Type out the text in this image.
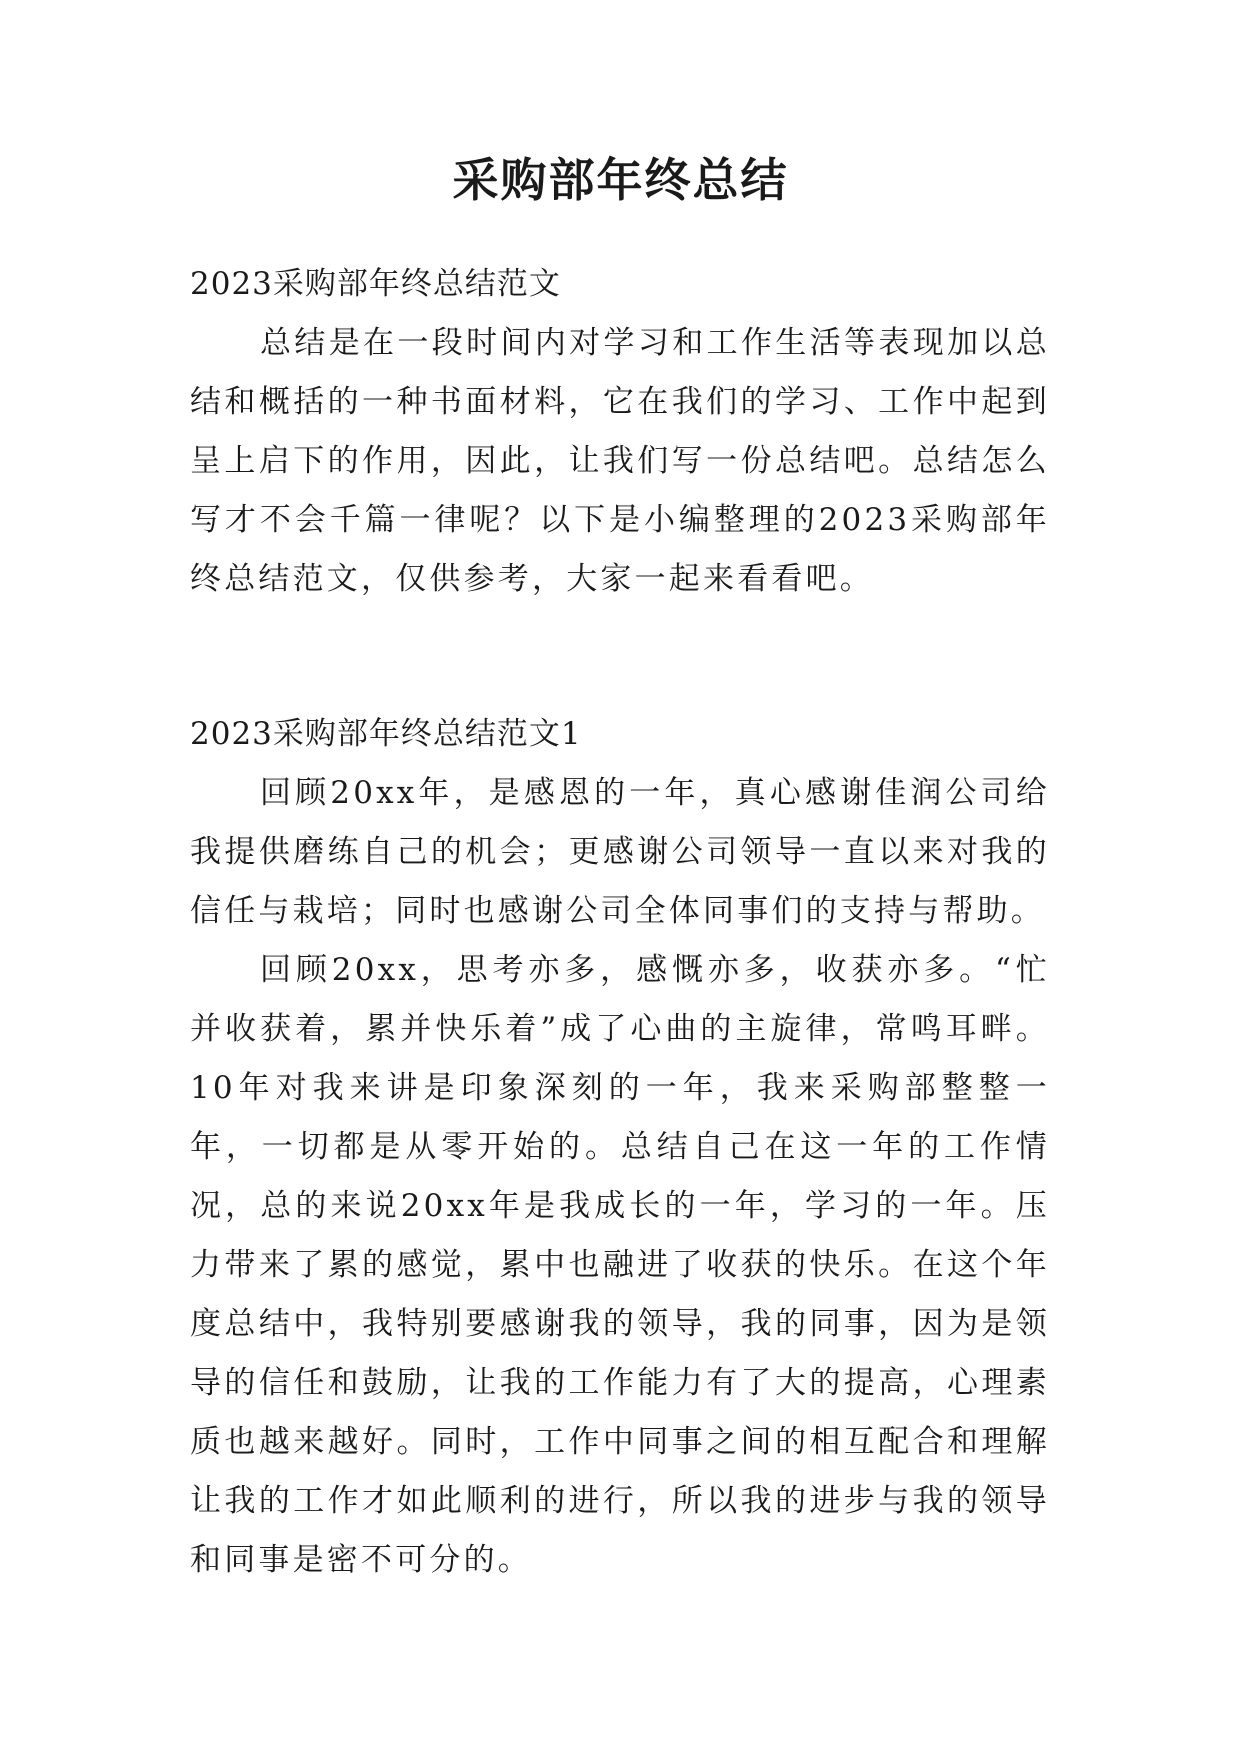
采购部年终总结
2023采购部年终总结范文

总结是在一段时间内对学习和工作生活等表现加以总结和概括的一种书面材料，它在我们的学习、工作中起到呈上启下的作用，因此，让我们写一份总结吧。总结怎么写才不会千篇一律呢？以下是小编整理的2023采购部年终总结范文，仅供参考，大家一起来看看吧。

2023采购部年终总结范文1

回顾20xx年，是感恩的一年，真心感谢佳润公司给我提供磨练自己的机会；更感谢公司领导一直以来对我的信任与栽培；同时也感谢公司全体同事们的支持与帮助。

回顾20xx，思考亦多，感慨亦多，收获亦多。“忙并收获着，累并快乐着”成了心曲的主旋律，常鸣耳畔。10年对我来讲是印象深刻的一年，我来采购部整整一年，一切都是从零开始的。总结自己在这一年的工作情况，总的来说20xx年是我成长的一年，学习的一年。压力带来了累的感觉，累中也融进了收获的快乐。在这个年度总结中，我特别要感谢我的领导，我的同事，因为是领导的信任和鼓励，让我的工作能力有了大的提高，心理素质也越来越好。同时，工作中同事之间的相互配合和理解让我的工作才如此顺利的进行，所以我的进步与我的领导和同事是密不可分的。
